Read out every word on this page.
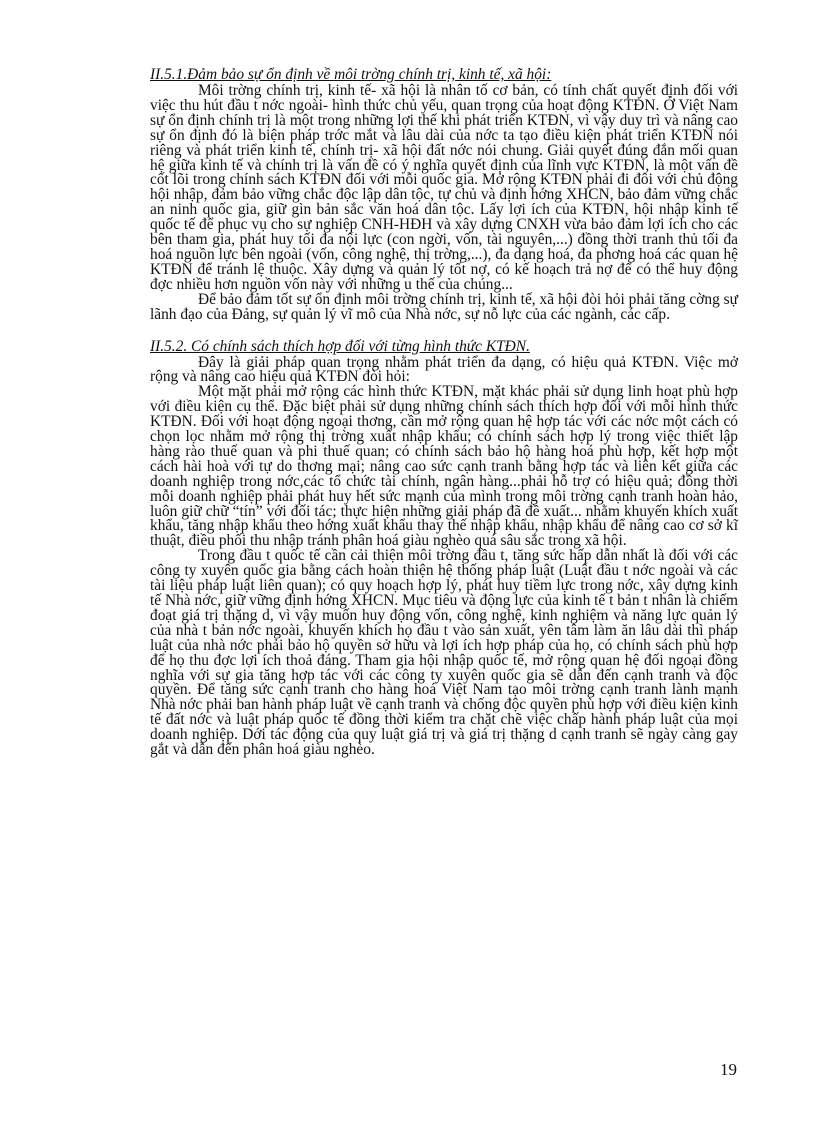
II.5.1.Đảm bảo sự ổn định về môi trờng chính trị, kinh tế, xã hội:

Môi trờng chính trị, kinh tế- xã hội là nhân tố cơ bản, có tính chất quyết định đối với việc thu hút đầu t nớc ngoài- hình thức chủ yếu, quan trọng của hoạt động KTĐN. Ở Việt Nam sự ổn định chính trị là một trong những lợi thế khi phát triển KTĐN, vì vậy duy trì và nâng cao sự ổn định đó là biện pháp trớc mắt và lâu dài của nớc ta tạo điều kiện phát triển KTĐN nói riêng và phát triển kinh tế, chính trị- xã hội đất nớc nói chung. Giải quyết đúng đắn mối quan hệ giữa kinh tế và chính trị là vấn đề có ý nghĩa quyết định của lĩnh vực KTĐN, là một vấn đề cốt lõi trong chính sách KTĐN đối với mỗi quốc gia. Mở rộng KTĐN phải đi đôi với chủ động hội nhập, đảm bảo vững chắc độc lập dân tộc, tự chủ và định hớng XHCN, bảo đảm vững chắc an ninh quốc gia, giữ gìn bản sắc văn hoá dân tộc. Lấy lợi ích của KTĐN, hội nhập kinh tế quốc tế để phục vụ cho sự nghiệp CNH-HĐH và xây dựng CNXH vừa bảo đảm lợi ích cho các bên tham gia, phát huy tối đa nội lực (con ngời, vốn, tài nguyên,...) đồng thời tranh thủ tối đa hoá nguồn lực bên ngoài (vốn, công nghệ, thị trờng,...), đa dạng hoá, đa phơng hoá các quan hệ KTĐN để tránh lệ thuộc. Xây dựng và quản lý tốt nợ, có kế hoạch trả nợ để có thể huy động đợc nhiều hơn nguồn vốn này với những u thế của chúng...

Để bảo đảm tốt sự ổn định môi trờng chính trị, kinh tế, xã hội đòi hỏi phải tăng cờng sự lãnh đạo của Đảng, sự quản lý vĩ mô của Nhà nớc, sự nỗ lực của các ngành, các cấp.

II.5.2. Có chính sách thích hợp đối với từng hình thức KTĐN.

Đây là giải pháp quan trọng nhằm phát triển đa dạng, có hiệu quả KTĐN. Việc mở rộng và nâng cao hiệu quả KTĐN đòi hỏi:

Một mặt phải mở rộng các hình thức KTĐN, mặt khác phải sử dụng linh hoạt phù hợp với điều kiện cụ thể. Đặc biệt phải sử dụng những chính sách thích hợp đối với mỗi hình thức KTĐN. Đối với hoạt động ngoại thơng, cần mở rộng quan hệ hợp tác với các nớc một cách có chọn lọc nhằm mở rộng thị trờng xuất nhập khẩu; có chính sách hợp lý trong việc thiết lập hàng rào thuế quan và phi thuế quan; có chính sách bảo hộ hàng hoá phù hợp, kết hợp một cách hài hoà với tự do thơng mại; nâng cao sức cạnh tranh bằng hợp tác và liên kết giữa các doanh nghiệp trong nớc,các tổ chức tài chính, ngân hàng...phải hỗ trợ có hiệu quả; đồng thời mỗi doanh nghiệp phải phát huy hết sức mạnh của mình trong môi trờng cạnh tranh hoàn hảo, luôn giữ chữ “tín” với đối tác; thực hiện những giải pháp đã đề xuất... nhằm khuyến khích xuất khẩu, tăng nhập khẩu theo hớng xuất khẩu thay thế nhập khẩu, nhập khẩu để nâng cao cơ sở kĩ thuật, điều phối thu nhập tránh phân hoá giàu nghèo quá sâu sắc trong xã hội.

Trong đầu t quốc tế cần cải thiện môi trờng đầu t, tăng sức hấp dẫn nhất là đối với các công ty xuyên quốc gia bằng cách hoàn thiện hệ thống pháp luật (Luật đầu t nớc ngoài và các tài liệu pháp luật liên quan); có quy hoạch hợp lý, phát huy tiềm lực trong nớc, xây dựng kinh tế Nhà nớc, giữ vững định hớng XHCN. Mục tiêu và động lực của kinh tế t bản t nhân là chiếm đoạt giá trị thặng d, vì vậy muốn huy động vốn, công nghệ, kinh nghiệm và năng lực quản lý của nhà t bản nớc ngoài, khuyến khích họ đầu t vào sản xuất, yên tâm làm ăn lâu dài thì pháp luật của nhà nớc phải bảo hộ quyền sở hữu và lợi ích hợp pháp của họ, có chính sách phù hợp để họ thu đợc lợi ích thoả đáng. Tham gia hội nhập quốc tế, mở rộng quan hệ đối ngoại đồng nghĩa với sự gia tăng hợp tác với các công ty xuyên quốc gia sẽ dẫn đến cạnh tranh và độc quyền. Để tăng sức cạnh tranh cho hàng hoá Việt Nam tạo môi trờng cạnh tranh lành mạnh Nhà nớc phải ban hành pháp luật về cạnh tranh và chống độc quyền phù hợp với điều kiện kinh tế đất nớc và luật pháp quốc tế đồng thời kiểm tra chặt chẽ việc chấp hành pháp luật của mọi doanh nghiệp. Dới tác động của quy luật giá trị và giá trị thặng d cạnh tranh sẽ ngày càng gay gắt và dẫn đến phân hoá giàu nghèo.

19
